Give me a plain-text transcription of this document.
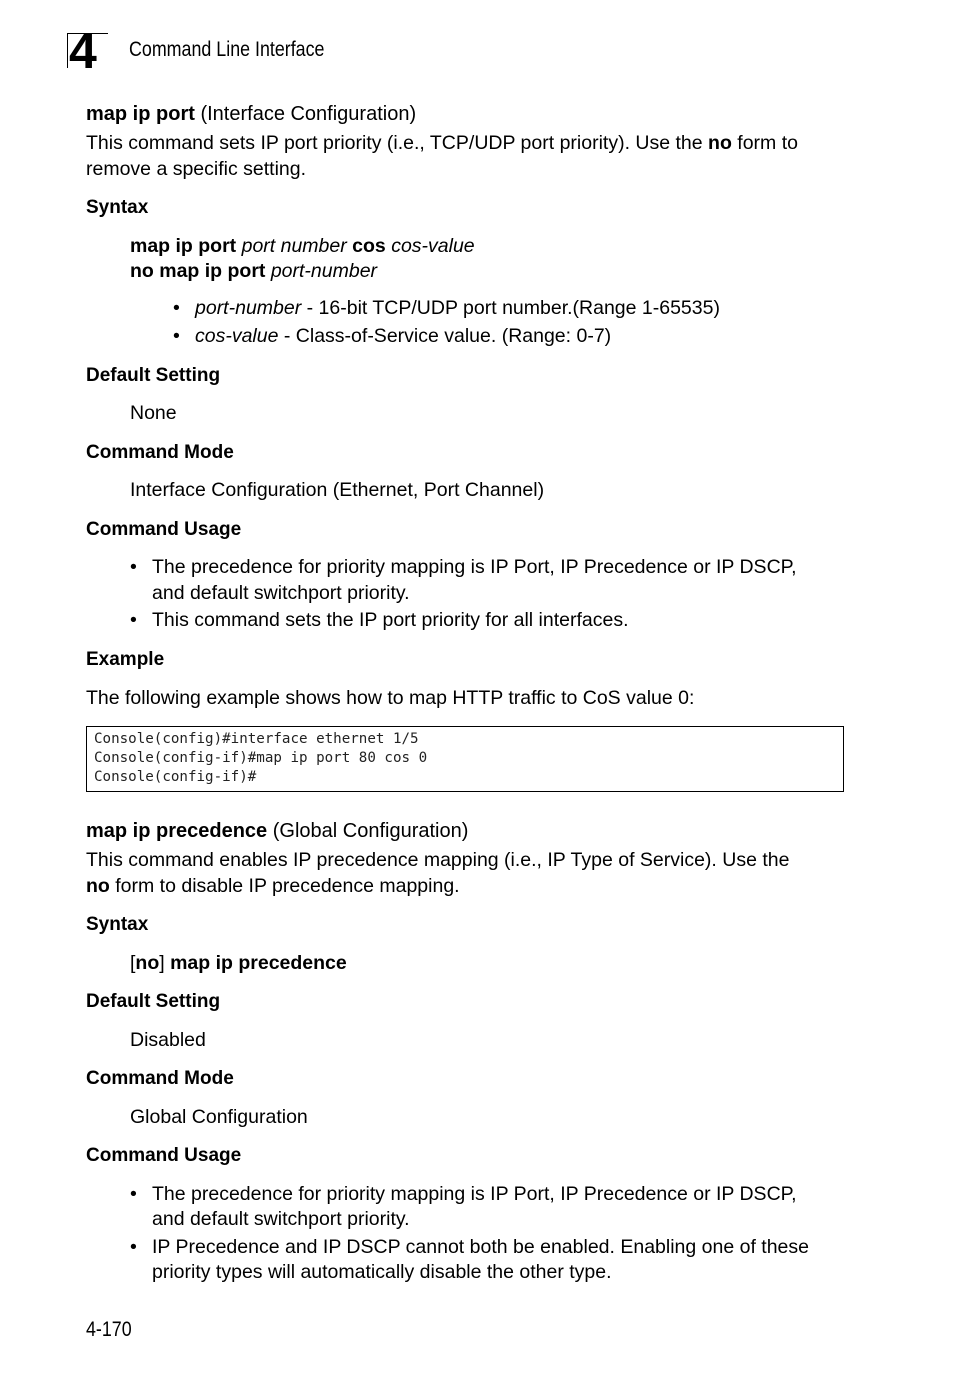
4 Command Line Interface
map ip port (Interface Configuration)
This command sets IP port priority (i.e., TCP/UDP port priority). Use the no form to
remove a specific setting.
Syntax
map ip port port number cos cos-value
no map ip port port-number
• port-number - 16-bit TCP/UDP port number.(Range 1-65535)
• cos-value - Class-of-Service value. (Range: 0-7)
Default Setting
None
Command Mode
Interface Configuration (Ethernet, Port Channel)
Command Usage
• The precedence for priority mapping is IP Port, IP Precedence or IP DSCP,
and default switchport priority.
• This command sets the IP port priority for all interfaces.
Example
The following example shows how to map HTTP traffic to CoS value 0:
Console(config)#interface ethernet 1/5
Console(config-if)#map ip port 80 cos 0
Console(config-if)#
map ip precedence (Global Configuration)
This command enables IP precedence mapping (i.e., IP Type of Service). Use the
no form to disable IP precedence mapping.
Syntax
[no] map ip precedence
Default Setting
Disabled
Command Mode
Global Configuration
Command Usage
• The precedence for priority mapping is IP Port, IP Precedence or IP DSCP,
and default switchport priority.
• IP Precedence and IP DSCP cannot both be enabled. Enabling one of these
priority types will automatically disable the other type.
4-170
